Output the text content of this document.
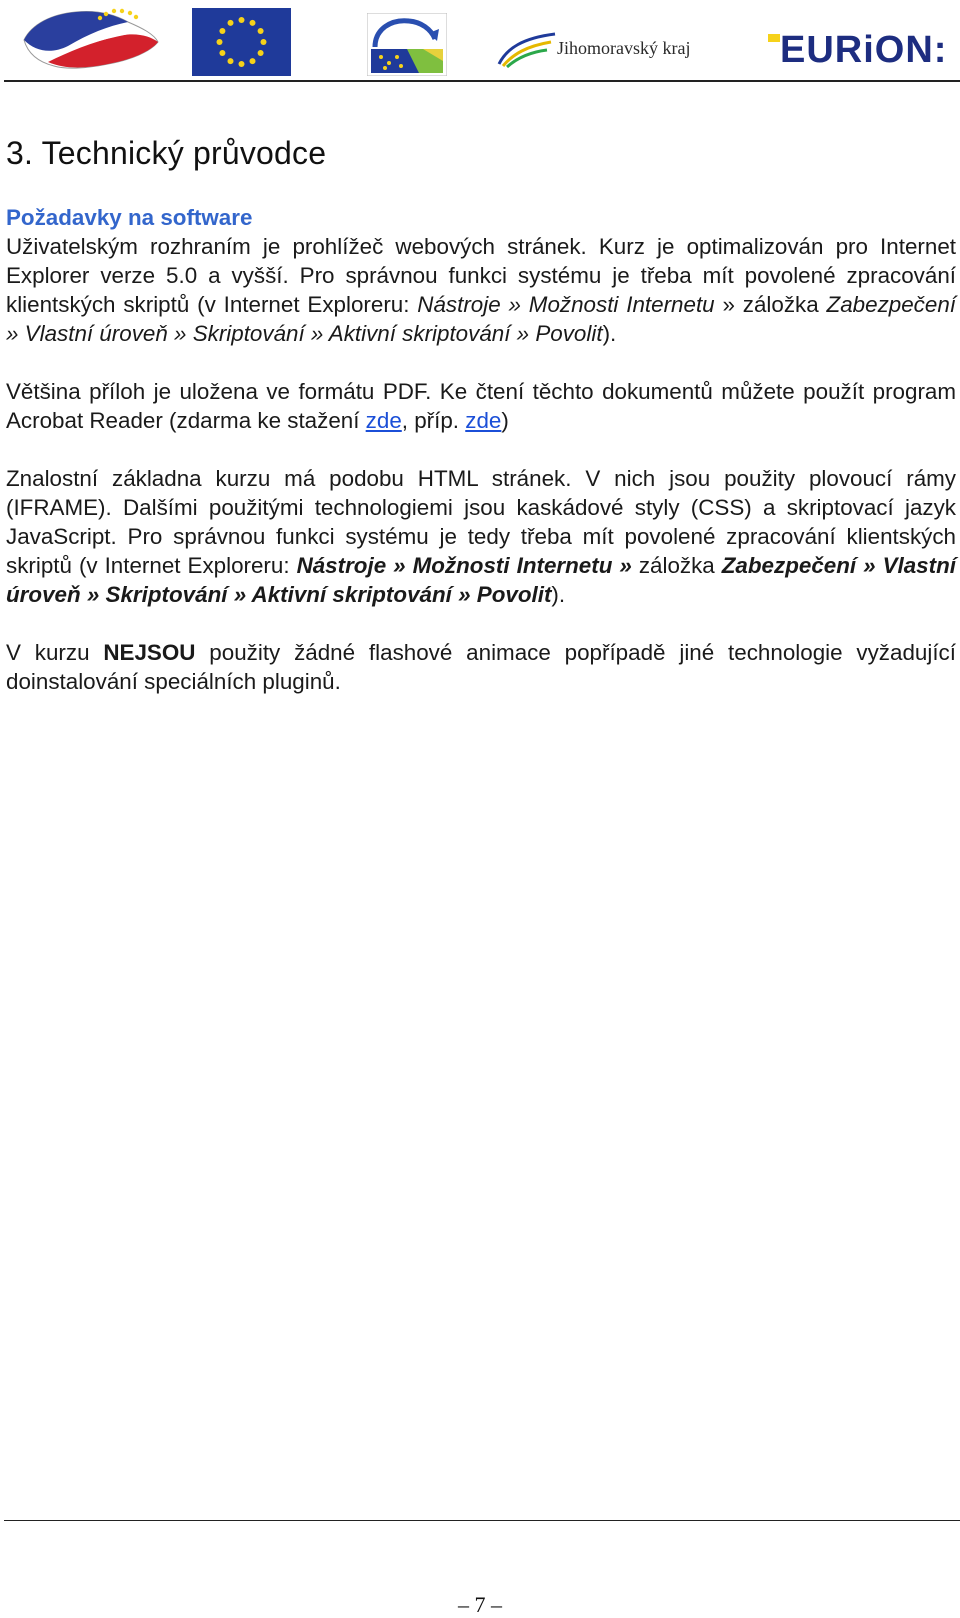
Jihomoravský kraj EURiON:
3. Technický průvodce
Požadavky na software

Uživatelským rozhraním je prohlížeč webových stránek. Kurz je optimalizován pro Internet Explorer verze 5.0 a vyšší. Pro správnou funkci systému je třeba mít povolené zpracování klientských skriptů (v Internet Exploreru: Nástroje » Možnosti Internetu » záložka Zabezpečení » Vlastní úroveň » Skriptování » Aktivní skriptování » Povolit).

Většina příloh je uložena ve formátu PDF. Ke čtení těchto dokumentů můžete použít program Acrobat Reader (zdarma ke stažení zde, příp. zde)

Znalostní základna kurzu má podobu HTML stránek. V nich jsou použity plovoucí rámy (IFRAME). Dalšími použitými technologiemi jsou kaskádové styly (CSS) a skriptovací jazyk JavaScript. Pro správnou funkci systému je tedy třeba mít povolené zpracování klientských skriptů (v Internet Exploreru: Nástroje » Možnosti Internetu » záložka Zabezpečení » Vlastní úroveň » Skriptování » Aktivní skriptování » Povolit).

V kurzu NEJSOU použity žádné flashové animace popřípadě jiné technologie vyžadující doinstalování speciálních pluginů.

– 7 –
